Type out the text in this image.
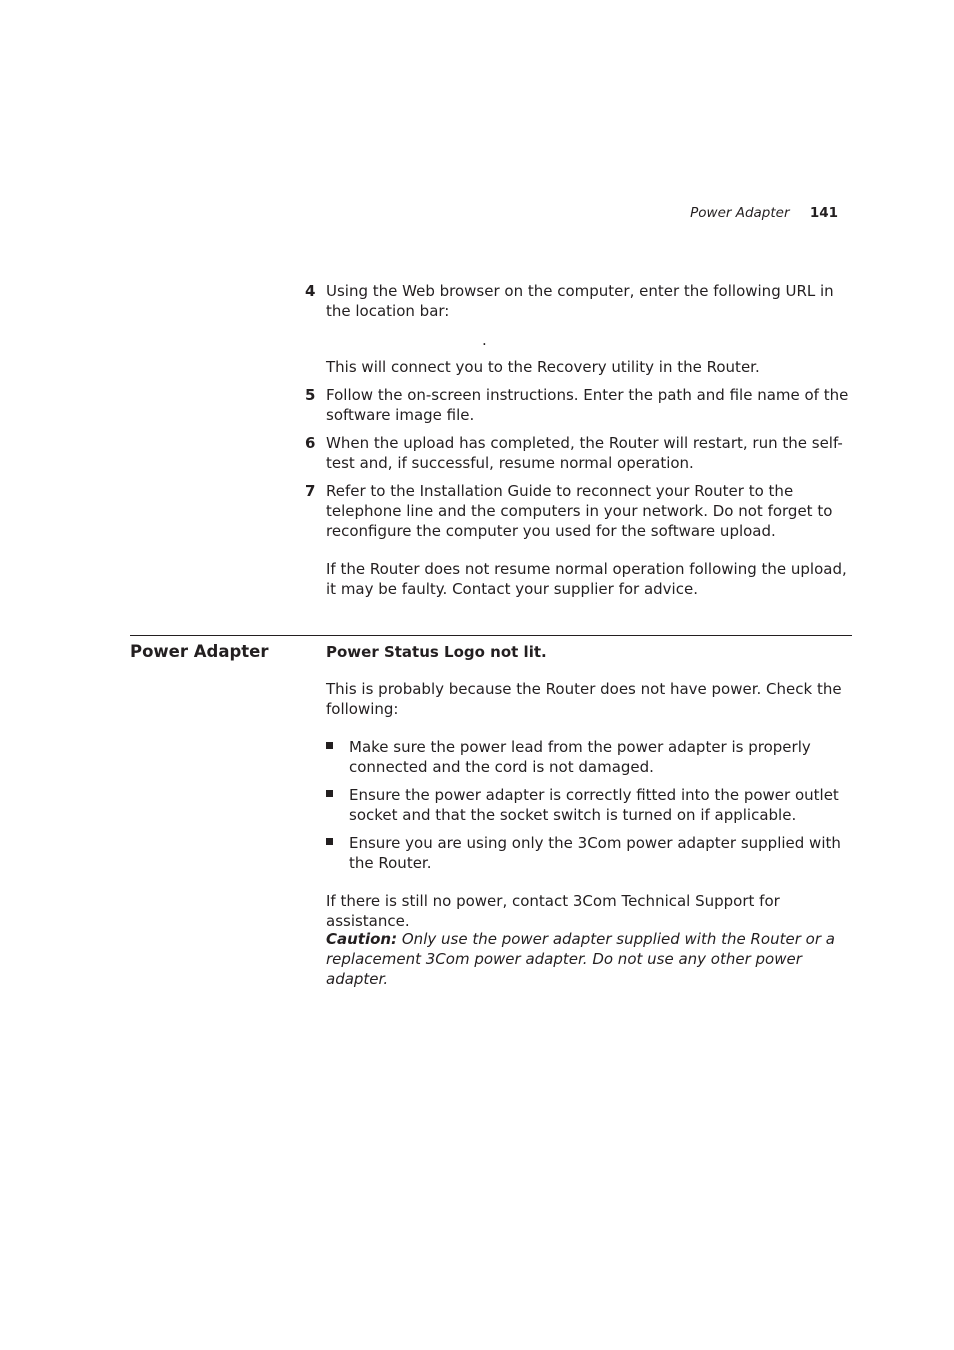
Power Adapter 141
4 Using the Web browser on the computer, enter the following URL in the location bar:
.
This will connect you to the Recovery utility in the Router.
5 Follow the on-screen instructions. Enter the path and file name of the software image file.
6 When the upload has completed, the Router will restart, run the self-test and, if successful, resume normal operation.
7 Refer to the Installation Guide to reconnect your Router to the telephone line and the computers in your network. Do not forget to reconfigure the computer you used for the software upload.
If the Router does not resume normal operation following the upload, it may be faulty. Contact your supplier for advice.
Power Adapter	Power Status Logo not lit.
This is probably because the Router does not have power. Check the following:
Make sure the power lead from the power adapter is properly connected and the cord is not damaged.
Ensure the power adapter is correctly fitted into the power outlet socket and that the socket switch is turned on if applicable.
Ensure you are using only the 3Com power adapter supplied with the Router.
If there is still no power, contact 3Com Technical Support for assistance.
Caution: Only use the power adapter supplied with the Router or a replacement 3Com power adapter. Do not use any other power adapter.
